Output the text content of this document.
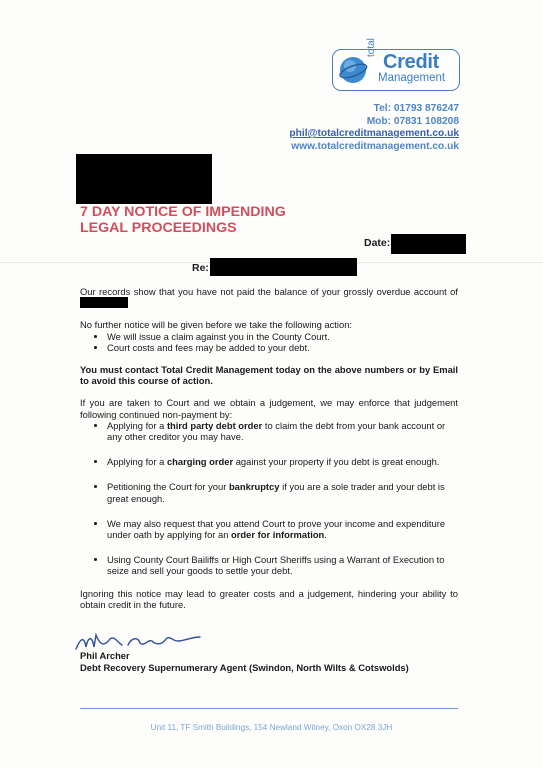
total
Credit
Management
Tel: 01793 876247
Mob: 07831 108208
phil@totalcreditmanagement.co.uk
www.totalcreditmanagement.co.uk
7 DAY NOTICE OF IMPENDING
LEGAL PROCEEDINGS
Date:
Re:

Our records show that you have not paid the balance of your grossly overdue account of

No further notice will be given before we take the following action:
• We will issue a claim against you in the County Court.
• Court costs and fees may be added to your debt.

You must contact Total Credit Management today on the above numbers or by Email to avoid this course of action.

If you are taken to Court and we obtain a judgement, we may enforce that judgement following continued non-payment by:
• Applying for a third party debt order to claim the debt from your bank account or any other creditor you may have.
• Applying for a charging order against your property if you debt is great enough.
• Petitioning the Court for your bankruptcy if you are a sole trader and your debt is great enough.
• We may also request that you attend Court to prove your income and expenditure under oath by applying for an order for information.
• Using County Court Bailiffs or High Court Sheriffs using a Warrant of Execution to seize and sell your goods to settle your debt.

Ignoring this notice may lead to greater costs and a judgement, hindering your ability to obtain credit in the future.

Phil Archer
Debt Recovery Supernumerary Agent (Swindon, North Wilts & Cotswolds)
Unit 11, TF Smith Buildings, 154 Newland Witney, Oxon OX28 3JH
